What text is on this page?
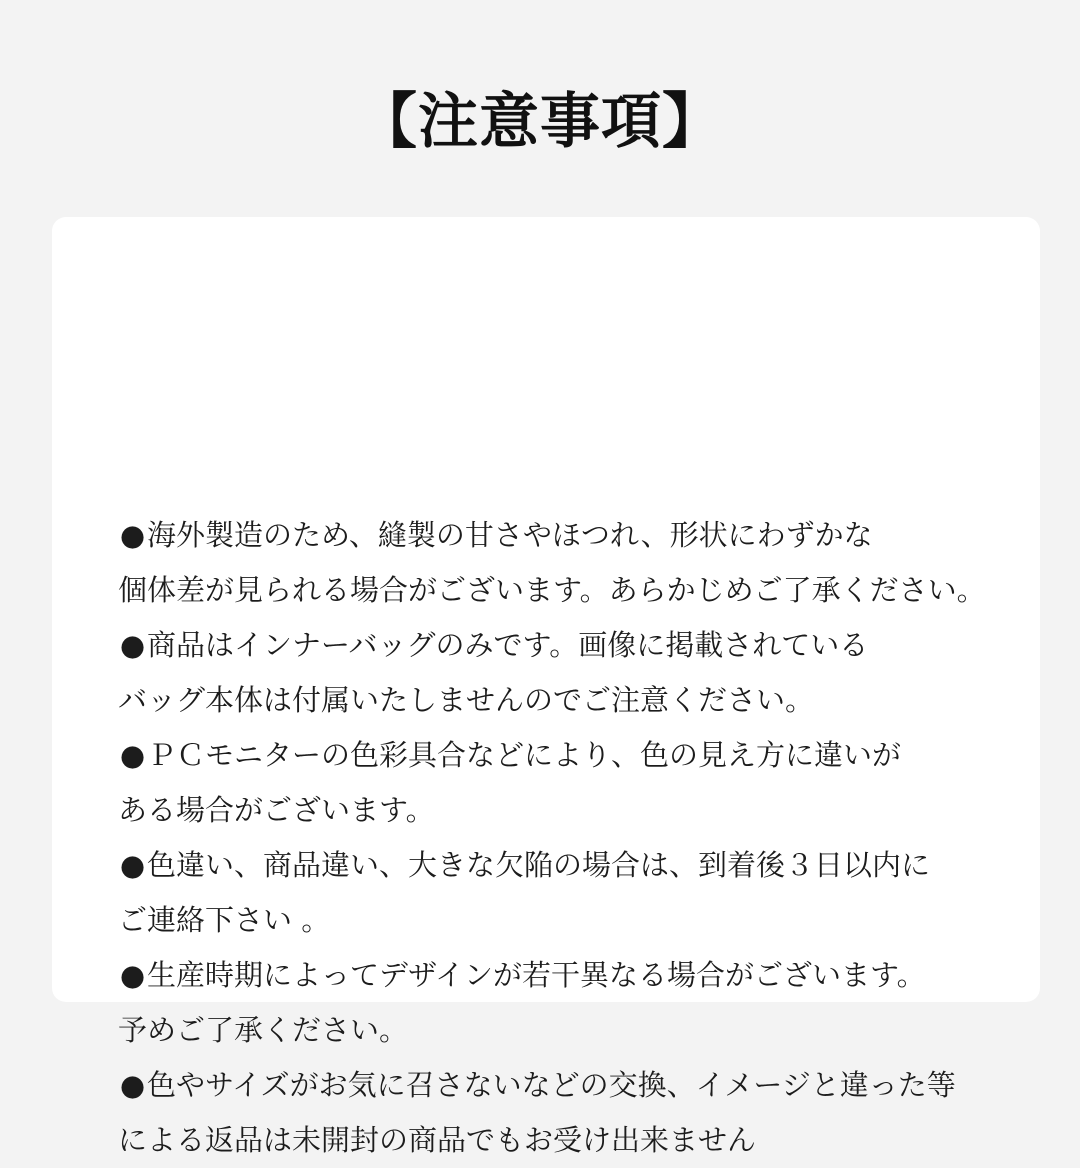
【注意事項】
●海外製造のため、縫製の甘さやほつれ、形状にわずかな
個体差が見られる場合がございます。あらかじめご了承ください。
●商品はインナーバッグのみです。画像に掲載されている
バッグ本体は付属いたしませんのでご注意ください。
●ＰＣモニターの色彩具合などにより、色の見え方に違いが
ある場合がございます。
●色違い、商品違い、大きな欠陥の場合は、到着後３日以内に
ご連絡下さい 。
●生産時期によってデザインが若干異なる場合がございます。
予めご了承ください。
●色やサイズがお気に召さないなどの交換、イメージと違った等
による返品は未開封の商品でもお受け出来ません
